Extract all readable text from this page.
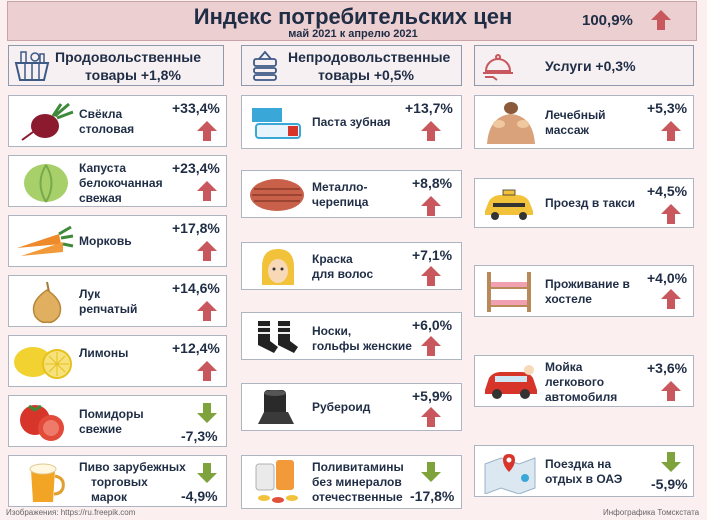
Индекс потребительских цен
май 2021 к апрелю 2021
100,9%
Продовольственные
товары +1,8%
Непродовольственные
товары +0,5%
Услуги +0,3%
Свёкла
столовая
+33,4%
Капуста
белокочанная
свежая
+23,4%
Морковь
+17,8%
Лук
репчатый
+14,6%
Лимоны	+12,4%
Помидоры
свежие	-7,3%
Пиво зарубежных
торговых
марок	-4,9%
Паста зубная
+13,7%
Металло-
черепица
+8,8%
Краска
для волос
+7,1%
Носки,
гольфы женские
+6,0%
Рубероид
+5,9%
Поливитамины
без минералов
отечественные -17,8%
Лечебный
массаж
+5,3%
Проезд в такси
+4,5%
Проживание в
хостеле
+4,0%
Мойка
легкового
автомобиля
+3,6%
Поездка на
отдых в ОАЭ -5,9%
Изображения: https://ru.freepik.com	Инфографика Томскстата
